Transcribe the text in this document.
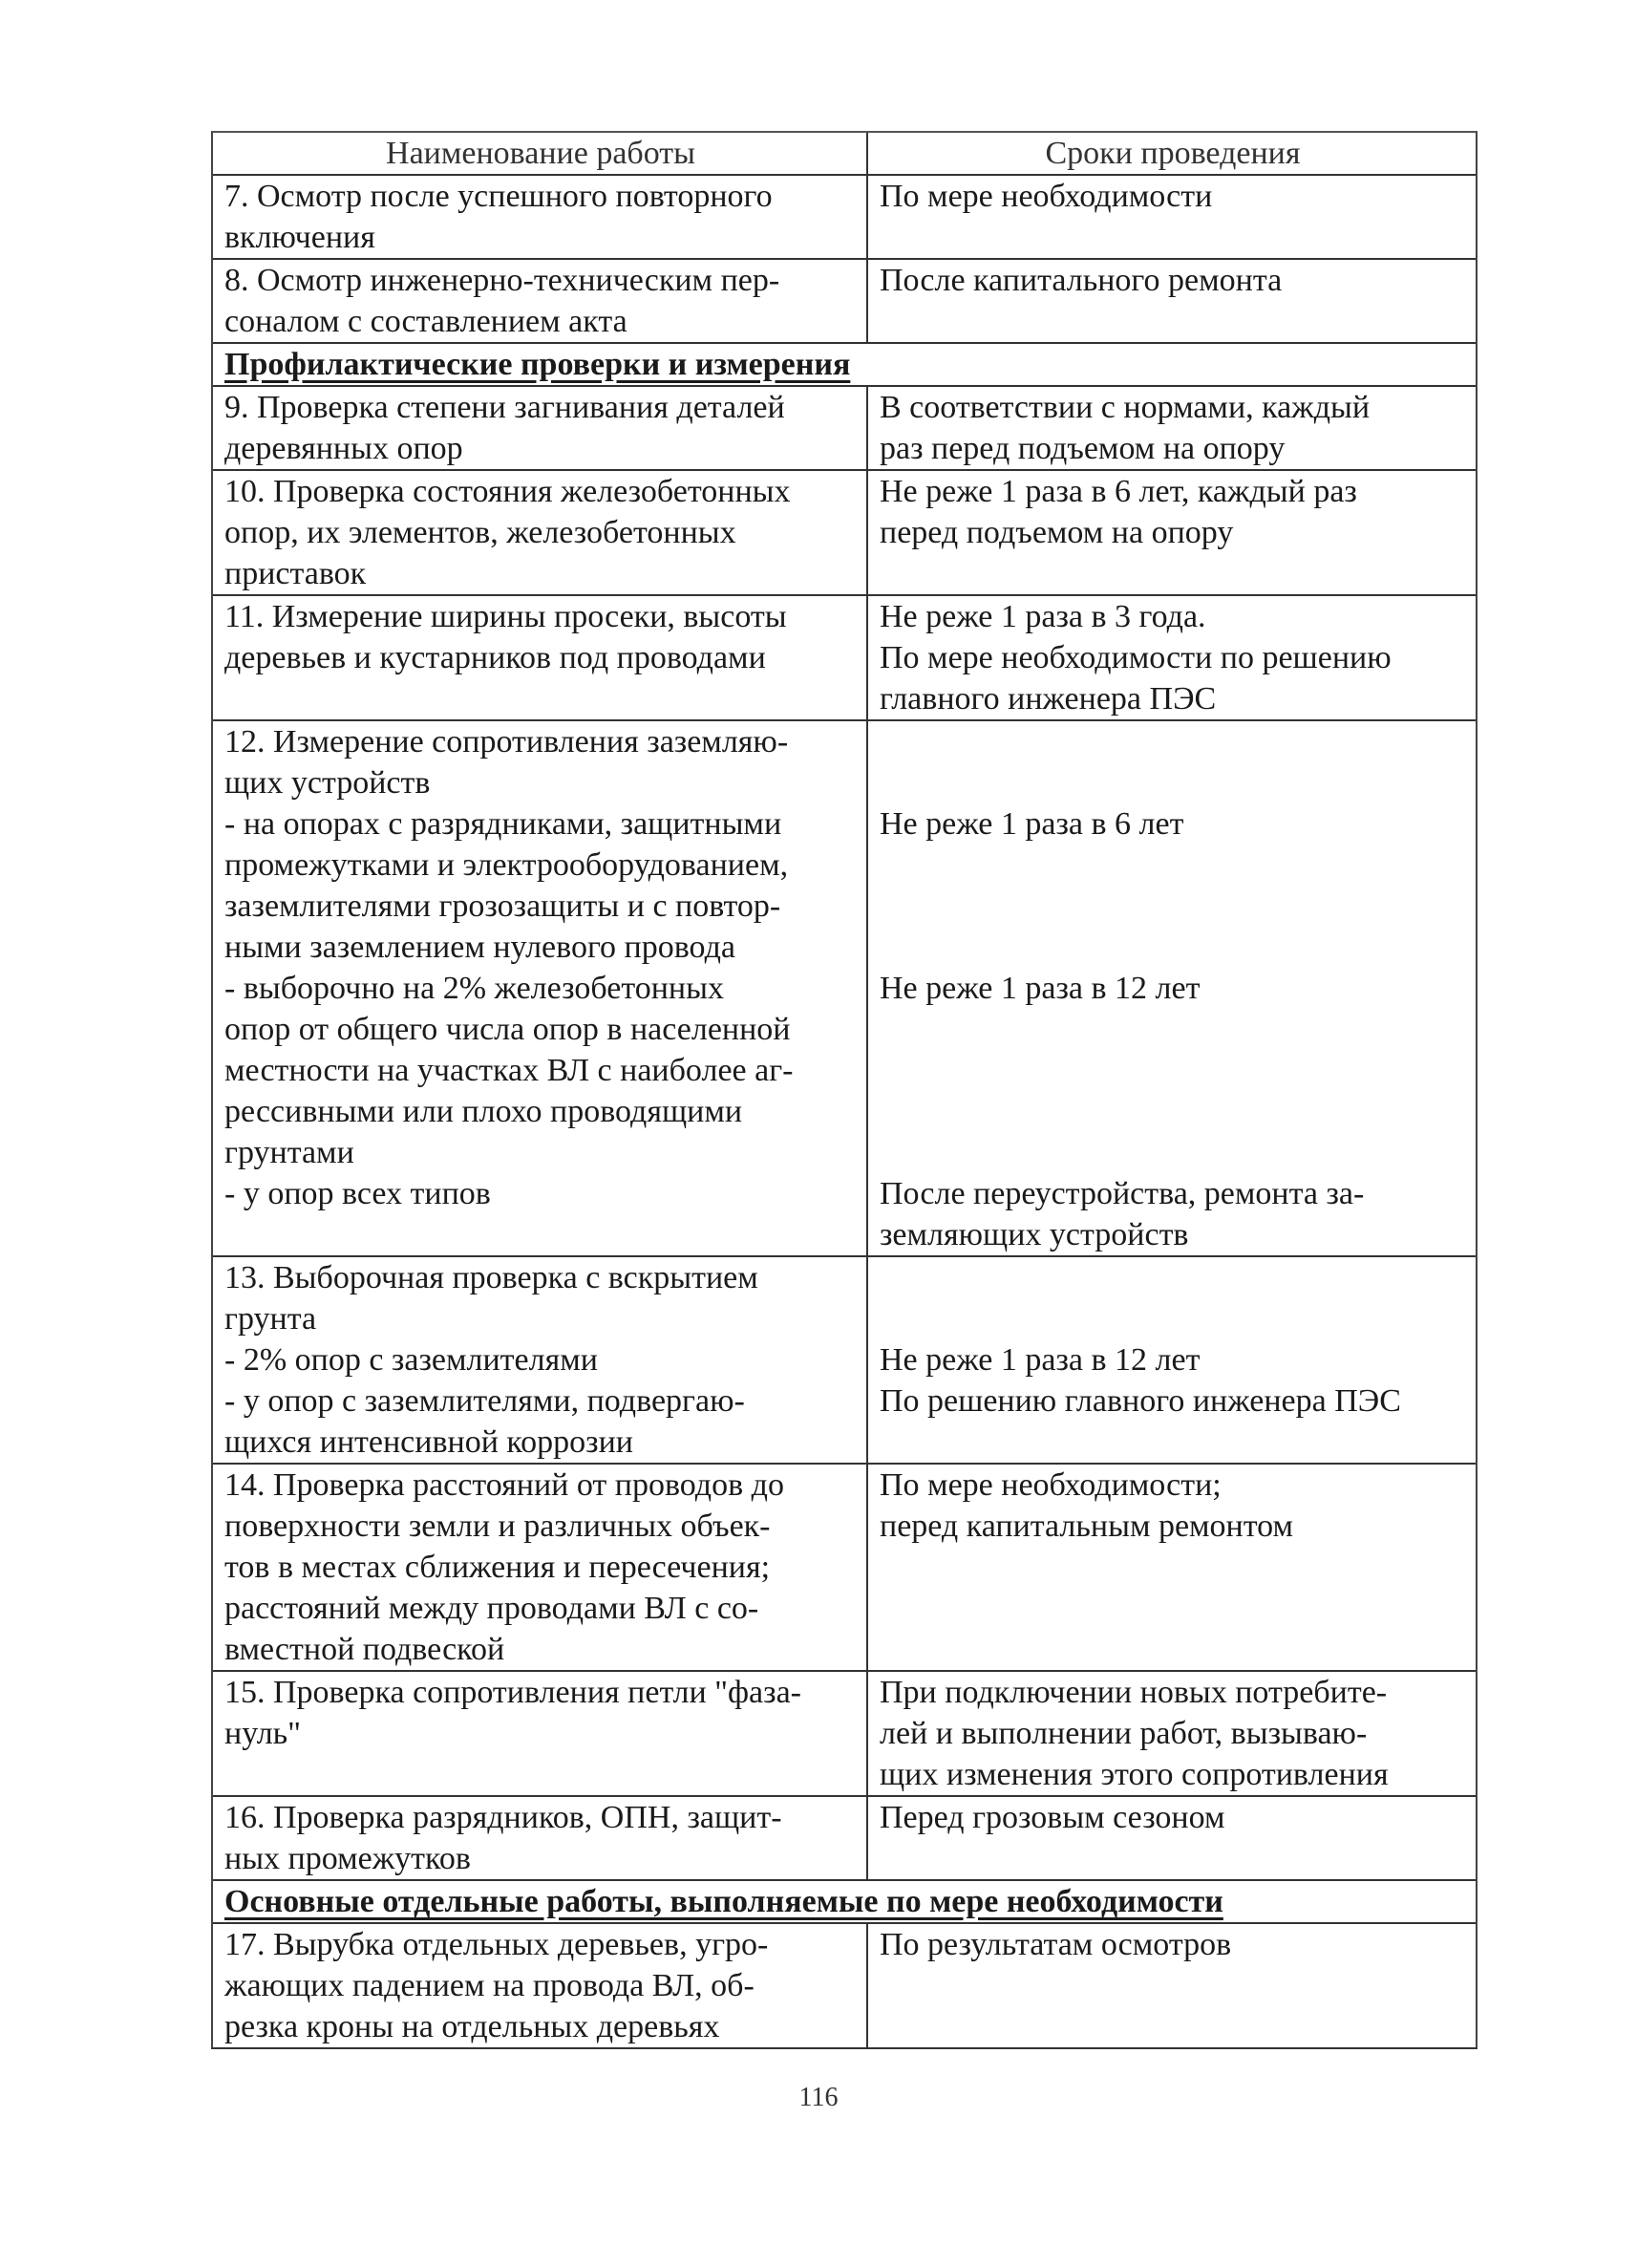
Наименование работы	Сроки проведения
7. Осмотр после успешного повторного
включения
По мере необходимости
8. Осмотр инженерно-техническим пер-
соналом с составлением акта
После капитального ремонта
Профилактические проверки и измерения
9. Проверка степени загнивания деталей
деревянных опор
В соответствии с нормами, каждый
раз перед подъемом на опору
10. Проверка состояния железобетонных
опор, их элементов, железобетонных
приставок
Не реже 1 раза в 6 лет, каждый раз
перед подъемом на опору
11. Измерение ширины просеки, высоты
деревьев и кустарников под проводами
Не реже 1 раза в 3 года.
По мере необходимости по решению
главного инженера ПЭС
12. Измерение сопротивления заземляю-
щих устройств
- на опорах с разрядниками, защитными
промежутками и электрооборудованием,
заземлителями грозозащиты и с повтор-
ными заземлением нулевого провода
- выборочно на 2% железобетонных
опор от общего числа опор в населенной
местности на участках ВЛ с наиболее аг-
рессивными или плохо проводящими
грунтами
- у опор всех типов

Не реже 1 раза в 6 лет

Не реже 1 раза в 12 лет

После переустройства, ремонта за-
земляющих устройств
13. Выборочная проверка с вскрытием
грунта
- 2% опор с заземлителями
- у опор с заземлителями, подвергаю-
щихся интенсивной коррозии

Не реже 1 раза в 12 лет
По решению главного инженера ПЭС
14. Проверка расстояний от проводов до
поверхности земли и различных объек-
тов в местах сближения и пересечения;
расстояний между проводами ВЛ с со-
вместной подвеской
По мере необходимости;
перед капитальным ремонтом
15. Проверка сопротивления петли "фаза-
нуль"
При подключении новых потребите-
лей и выполнении работ, вызываю-
щих изменения этого сопротивления
16. Проверка разрядников, ОПН, защит-
ных промежутков
Перед грозовым сезоном
Основные отдельные работы, выполняемые по мере необходимости
17. Вырубка отдельных деревьев, угро-
жающих падением на провода ВЛ, об-
резка кроны на отдельных деревьях
По результатам осмотров
116
